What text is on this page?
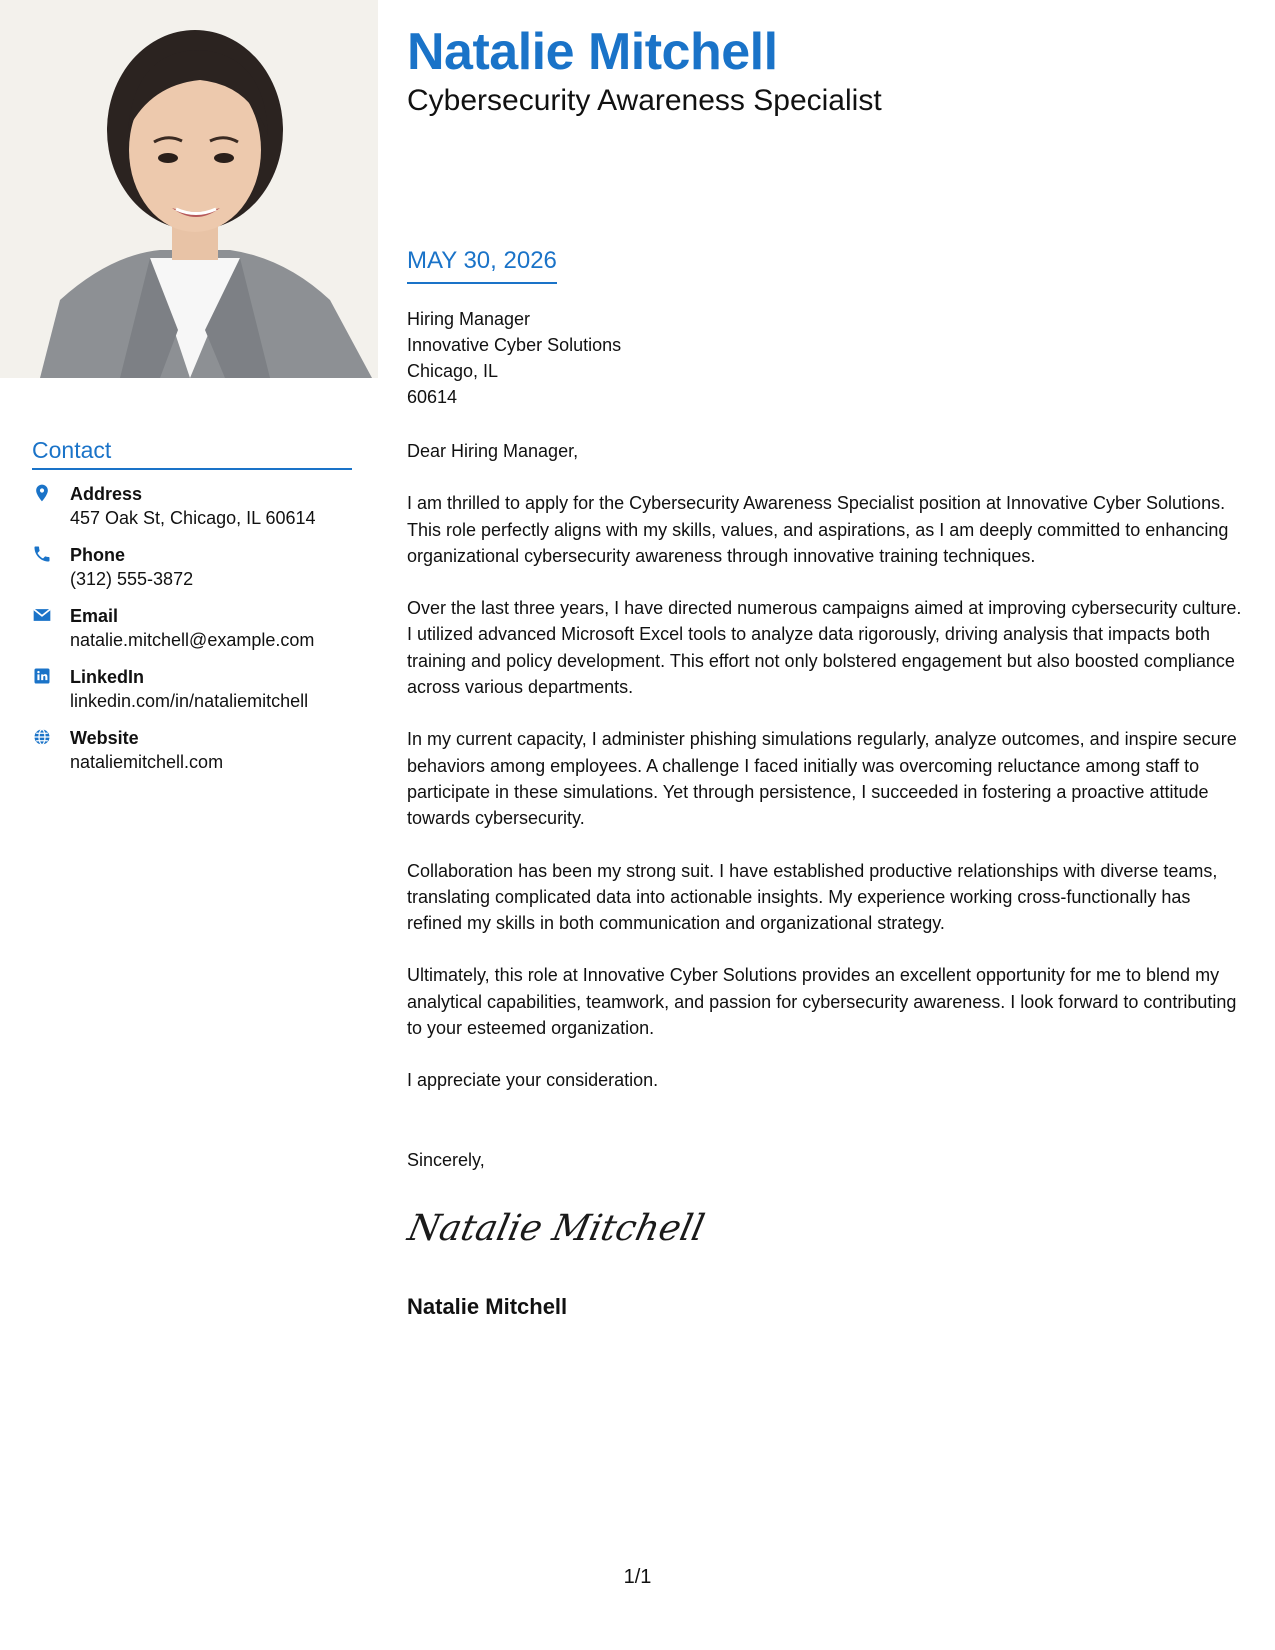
Contact
Address
457 Oak St, Chicago, IL 60614
Phone
(312) 555-3872
Email
natalie.mitchell@example.com
LinkedIn
linkedin.com/in/nataliemitchell
Website
nataliemitchell.com
Natalie Mitchell
Cybersecurity Awareness Specialist
MAY 30, 2026
Hiring Manager
Innovative Cyber Solutions
Chicago, IL
60614

Dear Hiring Manager,

I am thrilled to apply for the Cybersecurity Awareness Specialist position at Innovative Cyber Solutions. This role perfectly aligns with my skills, values, and aspirations, as I am deeply committed to enhancing organizational cybersecurity awareness through innovative training techniques.

Over the last three years, I have directed numerous campaigns aimed at improving cybersecurity culture. I utilized advanced Microsoft Excel tools to analyze data rigorously, driving analysis that impacts both training and policy development. This effort not only bolstered engagement but also boosted compliance across various departments.

In my current capacity, I administer phishing simulations regularly, analyze outcomes, and inspire secure behaviors among employees. A challenge I faced initially was overcoming reluctance among staff to participate in these simulations. Yet through persistence, I succeeded in fostering a proactive attitude towards cybersecurity.

Collaboration has been my strong suit. I have established productive relationships with diverse teams, translating complicated data into actionable insights. My experience working cross-functionally has refined my skills in both communication and organizational strategy.

Ultimately, this role at Innovative Cyber Solutions provides an excellent opportunity for me to blend my analytical capabilities, teamwork, and passion for cybersecurity awareness. I look forward to contributing to your esteemed organization.

I appreciate your consideration.

Sincerely,
Natalie Mitchell
Natalie Mitchell
1/1
